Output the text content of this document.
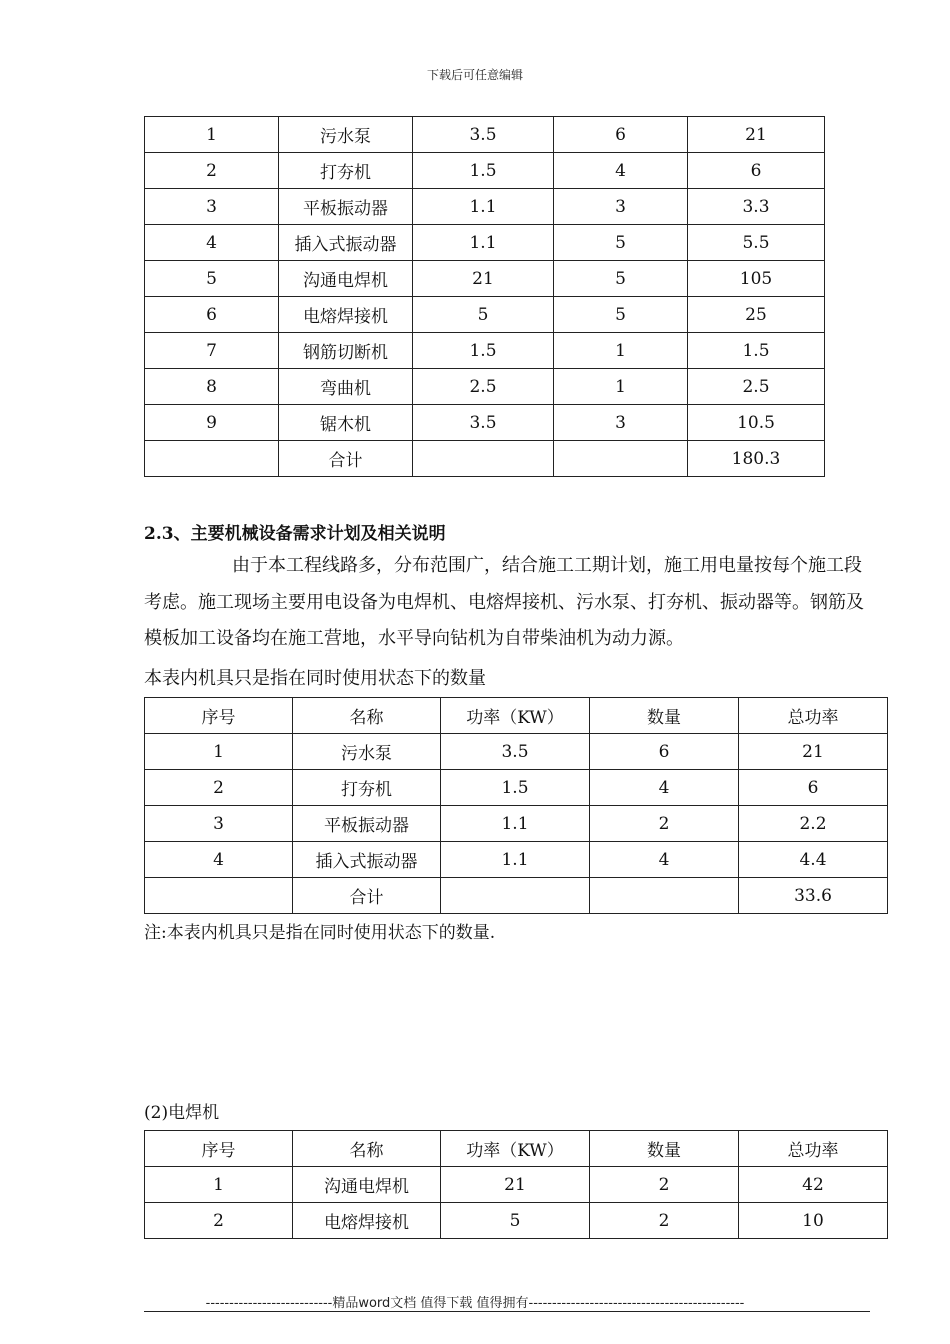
下载后可任意编辑
1	污水泵	3.5	6	21
2	打夯机	1.5	4	6
3	平板振动器	1.1	3	3.3
4	插入式振动器	1.1	5	5.5
5	沟通电焊机	21	5	105
6	电熔焊接机	5	5	25
7	钢筋切断机	1.5	1	1.5
8	弯曲机	2.5	1	2.5
9	锯木机	3.5	3	10.5
	合计			180.3
2.3、主要机械设备需求计划及相关说明
由于本工程线路多，分布范围广，结合施工工期计划，施工用电量按每个施工段考虑。施工现场主要用电设备为电焊机、电熔焊接机、污水泵、打夯机、振动器等。钢筋及模板加工设备均在施工营地，水平导向钻机为自带柴油机为动力源。
本表内机具只是指在同时使用状态下的数量
序号	名称	功率（KW）	数量	总功率
1	污水泵	3.5	6	21
2	打夯机	1.5	4	6
3	平板振动器	1.1	2	2.2
4	插入式振动器	1.1	4	4.4
	合计			33.6
注:本表内机具只是指在同时使用状态下的数量.
(2)电焊机
序号	名称	功率（KW）	数量	总功率
1	沟通电焊机	21	2	42
2	电熔焊接机	5	2	10
---------------------------精品word文档 值得下载 值得拥有----------------------------------------------
